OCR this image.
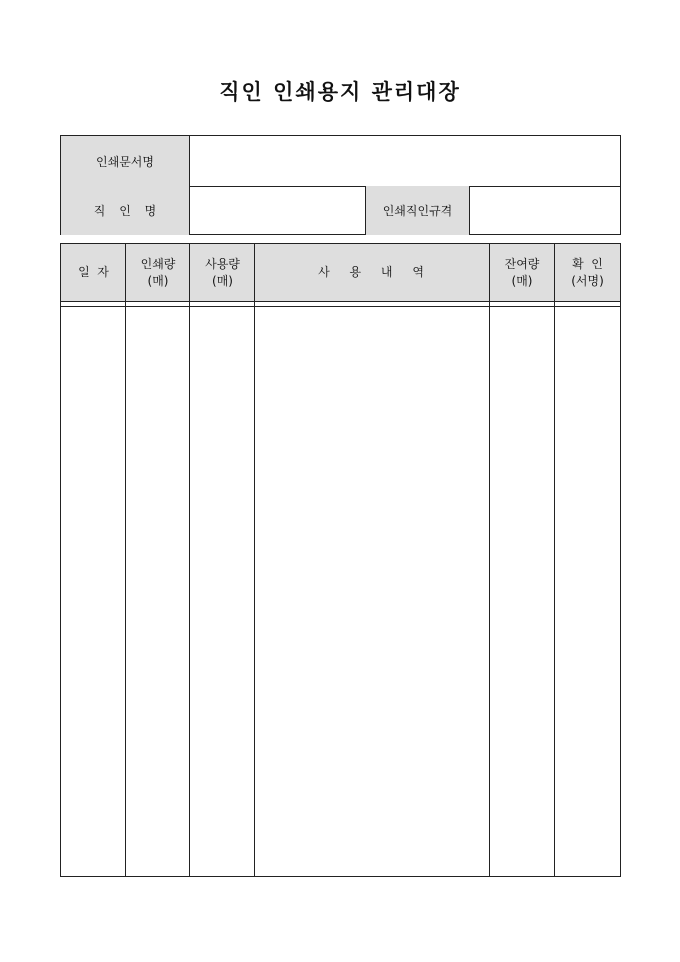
직인 인쇄용지 관리대장
인쇄문서명
직 인 명	인쇄직인규격
일  자
인쇄량
(매)
사용량
(매)
사 용 내 역
잔여량
(매)
확  인
(서명)
